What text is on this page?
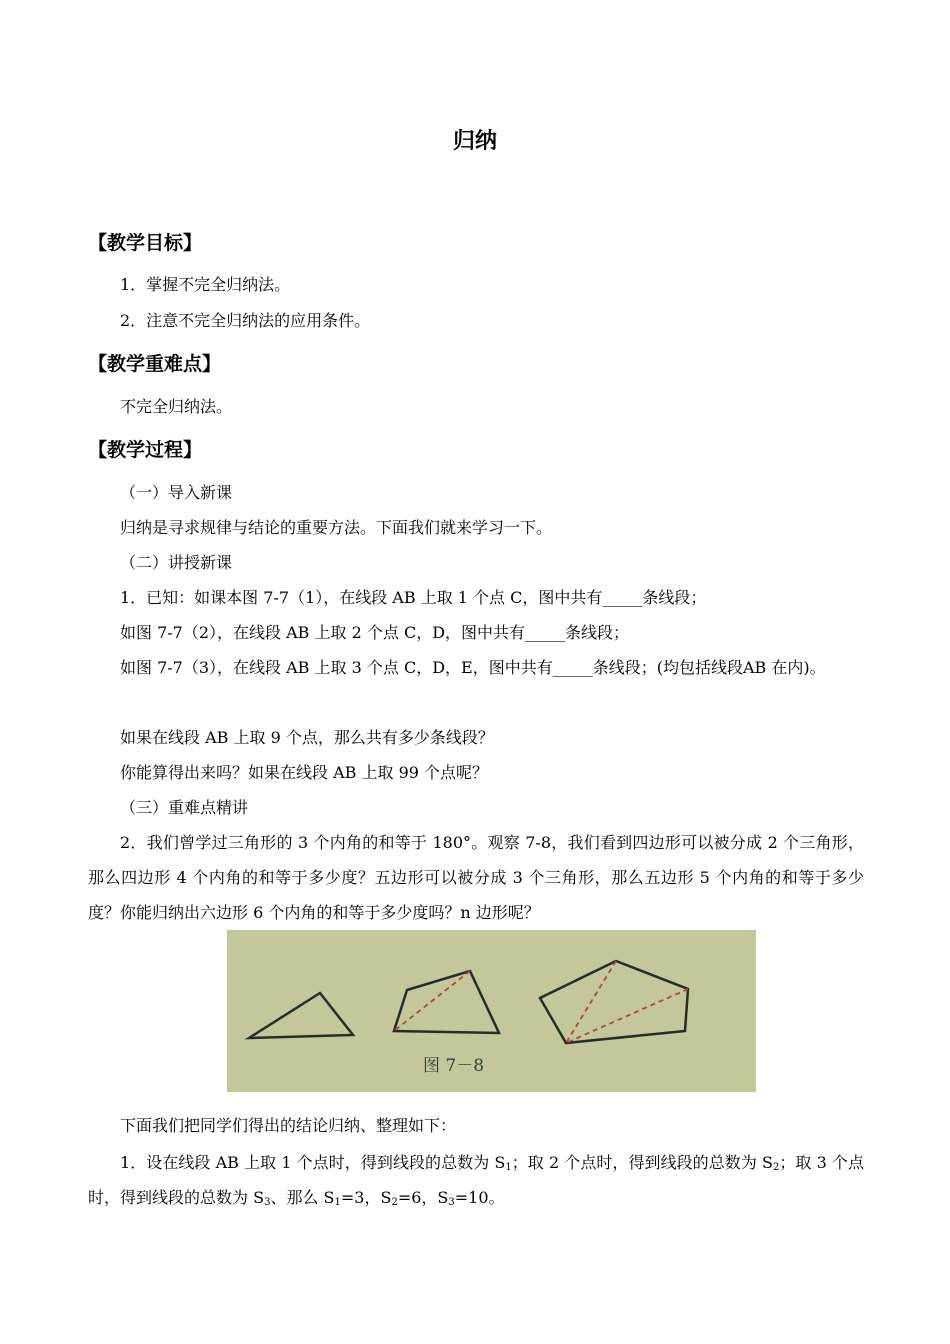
归纳
【教学目标】
1．掌握不完全归纳法。
2．注意不完全归纳法的应用条件。
【教学重难点】
不完全归纳法。
【教学过程】
（一）导入新课
归纳是寻求规律与结论的重要方法。下面我们就来学习一下。
（二）讲授新课
1．已知：如课本图 7-7（1），在线段 AB 上取 1 个点 C，图中共有_____条线段；
如图 7-7（2），在线段 AB 上取 2 个点 C，D，图中共有_____条线段；
如图 7-7（3），在线段 AB 上取 3 个点 C，D，E，图中共有_____条线段；(均包括线段AB 在内)。
如果在线段 AB 上取 9 个点，那么共有多少条线段？
你能算得出来吗？如果在线段 AB 上取 99 个点呢？
（三）重难点精讲
2．我们曾学过三角形的 3 个内角的和等于 180°。观察 7-8，我们看到四边形可以被分成 2 个三角形，那么四边形 4 个内角的和等于多少度？五边形可以被分成 3 个三角形，那么五边形 5 个内角的和等于多少度？你能归纳出六边形 6 个内角的和等于多少度吗？n 边形呢？
图 7－8
下面我们把同学们得出的结论归纳、整理如下：
1．设在线段 AB 上取 1 个点时，得到线段的总数为 $S_1$；取 2 个点时，得到线段的总数为 $S_2$；取 3 个点时，得到线段的总数为 $S_3$、那么 $S_1=3$，$S_2=6$，$S_3=10$。
